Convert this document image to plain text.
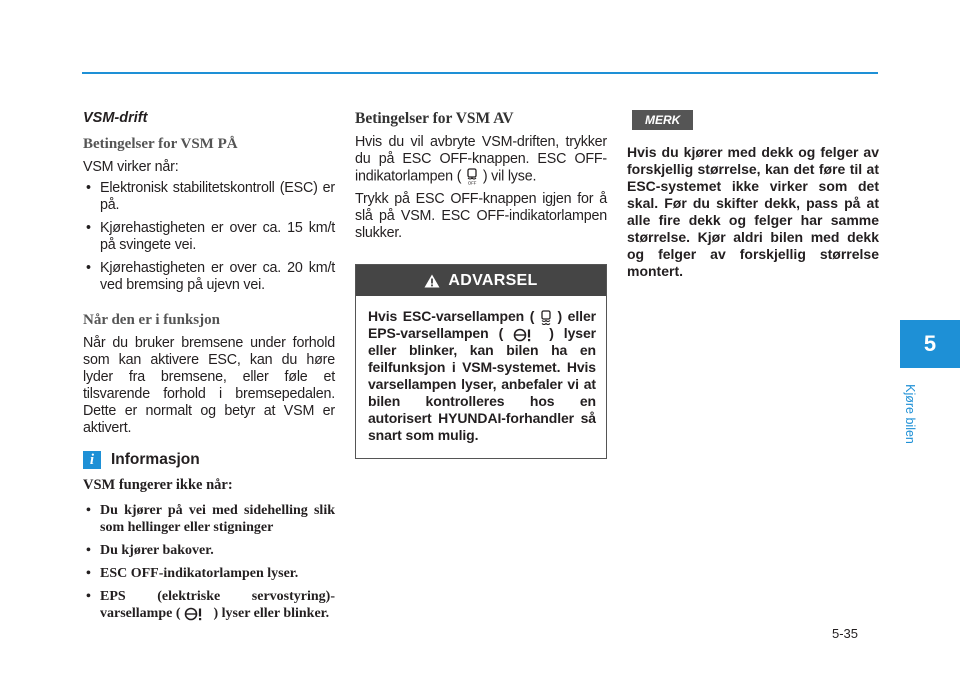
VSM-drift
Betingelser for VSM PÅ
VSM virker når:
• Elektronisk stabilitetskontroll (ESC) er på.
• Kjørehastigheten er over ca. 15 km/t på svingete vei.
• Kjørehastigheten er over ca. 20 km/t ved bremsing på ujevn vei.
Når den er i funksjon
Når du bruker bremsene under forhold som kan aktivere ESC, kan du høre lyder fra bremsene, eller føle et tilsvarende forhold i bremsepedalen. Dette er normalt og betyr at VSM er aktivert.
i	Informasjon
VSM fungerer ikke når:
• Du kjører på vei med sidehelling slik som hellinger eller stigninger
• Du kjører bakover.
• ESC OFF-indikatorlampen lyser.
• EPS (elektriske servostyring)-varsellampe ( ) lyser eller blinker.
Betingelser for VSM AV
Hvis du vil avbryte VSM-driften, trykker du på ESC OFF-knappen. ESC OFF-indikatorlampen ( OFF ) vil lyse.
Trykk på ESC OFF-knappen igjen for å slå på VSM. ESC OFF-indikatorlampen slukker.
ADVARSEL
Hvis ESC-varsellampen ( ) eller EPS-varsellampen (	) lyser eller blinker, kan bilen ha en feilfunksjon i VSM-systemet. Hvis varsellampen lyser, anbefaler vi at bilen kontrolleres hos en autorisert HYUNDAI-forhandler så snart som mulig.
MERK
Hvis du kjører med dekk og felger av forskjellig størrelse, kan det føre til at ESC-systemet ikke virker som det skal. Før du skifter dekk, pass på at alle fire dekk og felger har samme størrelse. Kjør aldri bilen med dekk og felger av forskjellig størrelse montert.
5
Kjøre bilen
5-35
